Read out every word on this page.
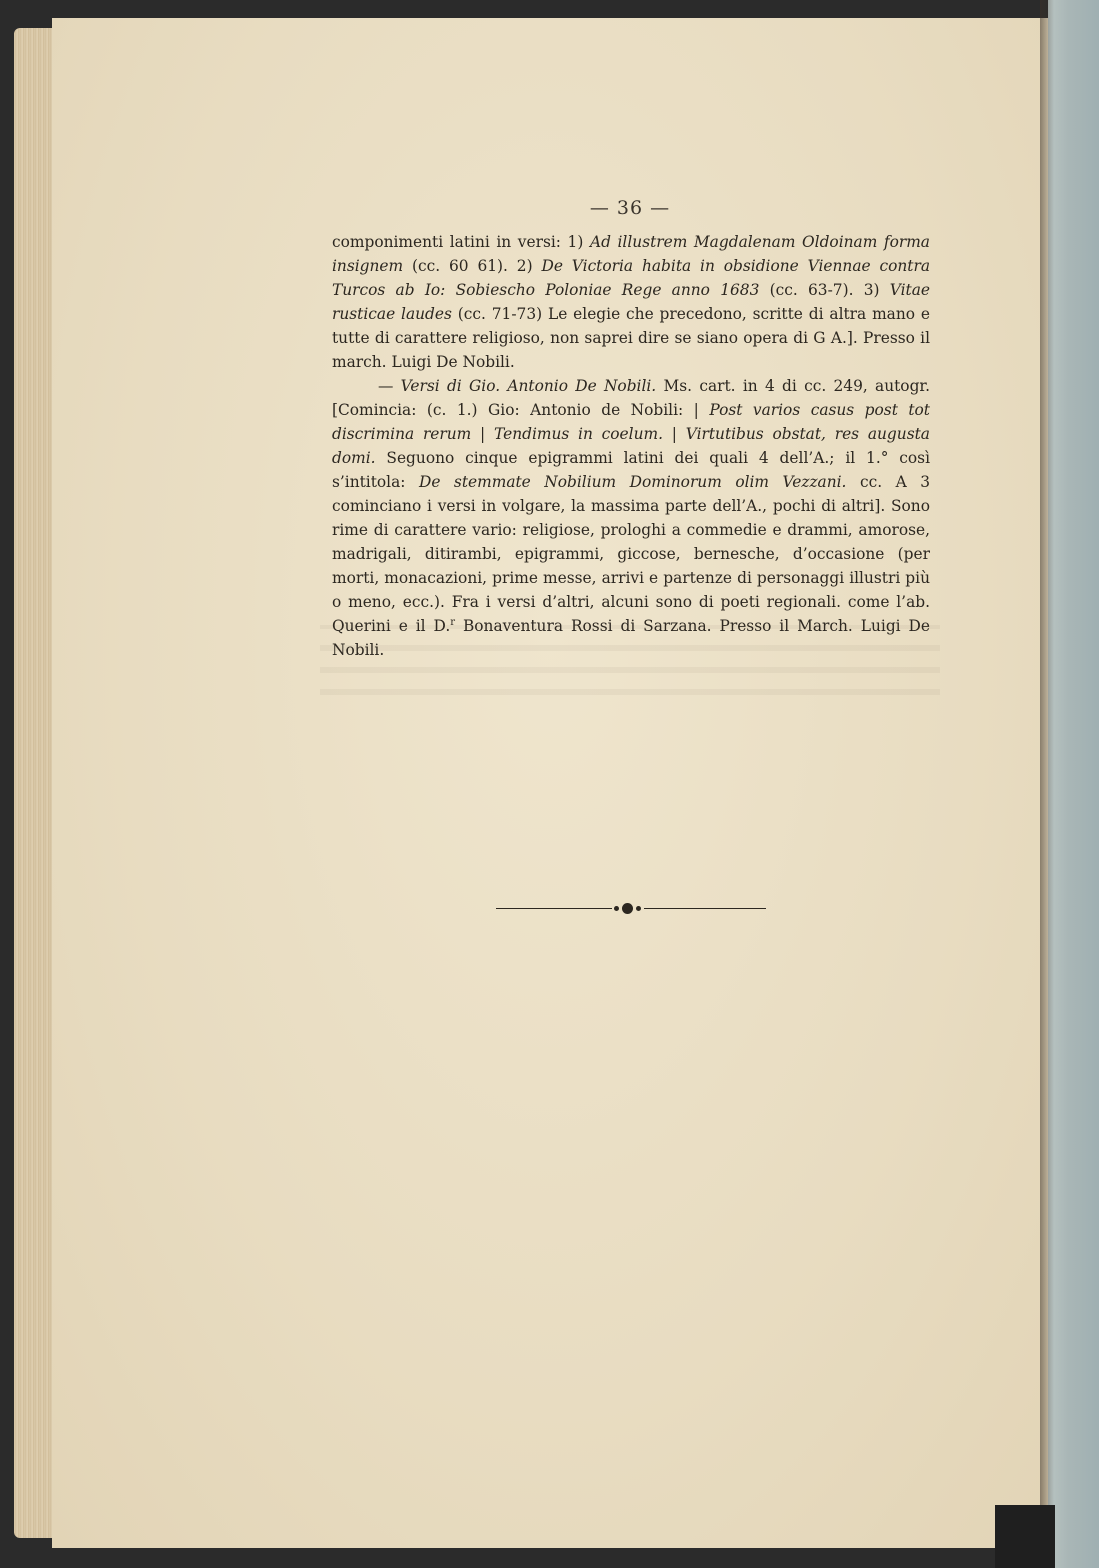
— 36 —

componimenti latini in versi: 1) Ad illustrem Magdalenam Oldoinam forma insignem (cc. 60 61). 2) De Victoria habita in obsidione Viennae contra Turcos ab Io: Sobiescho Poloniae Rege anno 1683 (cc. 63-7). 3) Vitae rusticae laudes (cc. 71-73) Le elegie che precedono, scritte di altra mano e tutte di carattere religioso, non saprei dire se siano opera di G A.]. Presso il march. Luigi De Nobili.

— Versi di Gio. Antonio De Nobili. Ms. cart. in 4 di cc. 249, autogr. [Comincia: (c. 1.) Gio: Antonio de Nobili: | Post varios casus post tot discrimina rerum | Tendimus in coelum. | Virtutibus obstat, res augusta domi. Seguono cinque epigrammi latini dei quali 4 dell’A.; il 1.° così s’intitola: De stemmate Nobilium Dominorum olim Vezzani. cc. A 3 cominciano i versi in volgare, la massima parte dell’A., pochi di altri]. Sono rime di carattere vario: religiose, prologhi a commedie e drammi, amorose, madrigali, ditirambi, epigrammi, giccose, bernesche, d’occasione (per morti, monacazioni, prime messe, arrivi e partenze di personaggi illustri più o meno, ecc.). Fra i versi d’altri, alcuni sono di poeti regionali. come l’ab. Querini e il D.$^r$ Bonaventura Rossi di Sarzana. Presso il March. Luigi De Nobili.
